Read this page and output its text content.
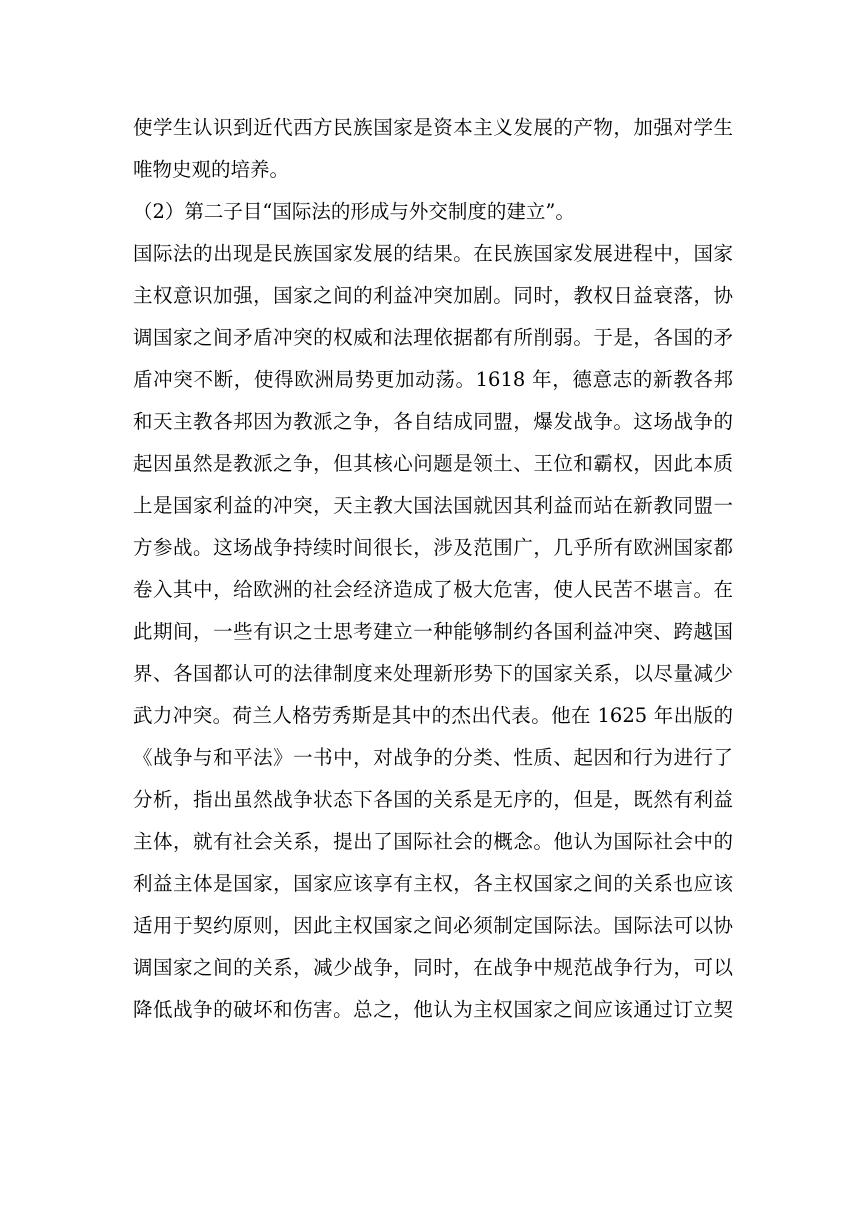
使学生认识到近代西方民族国家是资本主义发展的产物，加强对学生
唯物史观的培养。
（2）第二子目“国际法的形成与外交制度的建立”。
国际法的出现是民族国家发展的结果。在民族国家发展进程中，国家
主权意识加强，国家之间的利益冲突加剧。同时，教权日益衰落，协
调国家之间矛盾冲突的权威和法理依据都有所削弱。于是，各国的矛
盾冲突不断，使得欧洲局势更加动荡。1618 年，德意志的新教各邦
和天主教各邦因为教派之争，各自结成同盟，爆发战争。这场战争的
起因虽然是教派之争，但其核心问题是领土、王位和霸权，因此本质
上是国家利益的冲突，天主教大国法国就因其利益而站在新教同盟一
方参战。这场战争持续时间很长，涉及范围广，几乎所有欧洲国家都
卷入其中，给欧洲的社会经济造成了极大危害，使人民苦不堪言。在
此期间，一些有识之士思考建立一种能够制约各国利益冲突、跨越国
界、各国都认可的法律制度来处理新形势下的国家关系，以尽量减少
武力冲突。荷兰人格劳秀斯是其中的杰出代表。他在 1625 年出版的
《战争与和平法》一书中，对战争的分类、性质、起因和行为进行了
分析，指出虽然战争状态下各国的关系是无序的，但是，既然有利益
主体，就有社会关系，提出了国际社会的概念。他认为国际社会中的
利益主体是国家，国家应该享有主权，各主权国家之间的关系也应该
适用于契约原则，因此主权国家之间必须制定国际法。国际法可以协
调国家之间的关系，减少战争，同时，在战争中规范战争行为，可以
降低战争的破坏和伤害。总之，他认为主权国家之间应该通过订立契
